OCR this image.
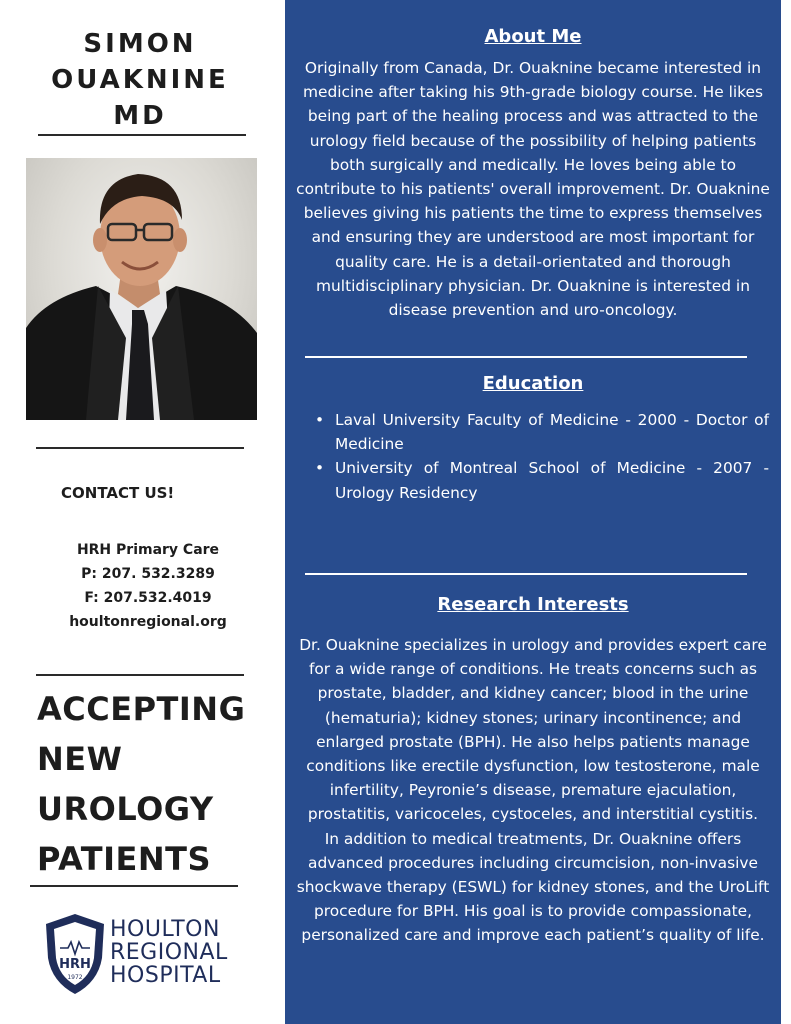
SIMON
OUAKNINE
MD
CONTACT US!
HRH Primary Care
P: 207. 532.3289
F: 207.532.4019
houltonregional.org
ACCEPTING
NEW
UROLOGY
PATIENTS
HRH
1972
HOULTON
REGIONAL
HOSPITAL
About Me
Originally from Canada, Dr. Ouaknine became interested in medicine after taking his 9th-grade biology course. He likes being part of the healing process and was attracted to the urology field because of the possibility of helping patients both surgically and medically. He loves being able to contribute to his patients' overall improvement. Dr. Ouaknine believes giving his patients the time to express themselves and ensuring they are understood are most important for quality care. He is a detail-orientated and thorough multidisciplinary physician. Dr. Ouaknine is interested in disease prevention and uro-oncology.
Education
• Laval University Faculty of Medicine - 2000 - Doctor of Medicine
• University of Montreal School of Medicine - 2007 - Urology Residency
Research Interests
Dr. Ouaknine specializes in urology and provides expert care for a wide range of conditions. He treats concerns such as prostate, bladder, and kidney cancer; blood in the urine (hematuria); kidney stones; urinary incontinence; and enlarged prostate (BPH). He also helps patients manage conditions like erectile dysfunction, low testosterone, male infertility, Peyronie’s disease, premature ejaculation, prostatitis, varicoceles, cystoceles, and interstitial cystitis.
In addition to medical treatments, Dr. Ouaknine offers advanced procedures including circumcision, non-invasive shockwave therapy (ESWL) for kidney stones, and the UroLift procedure for BPH. His goal is to provide compassionate, personalized care and improve each patient’s quality of life.
